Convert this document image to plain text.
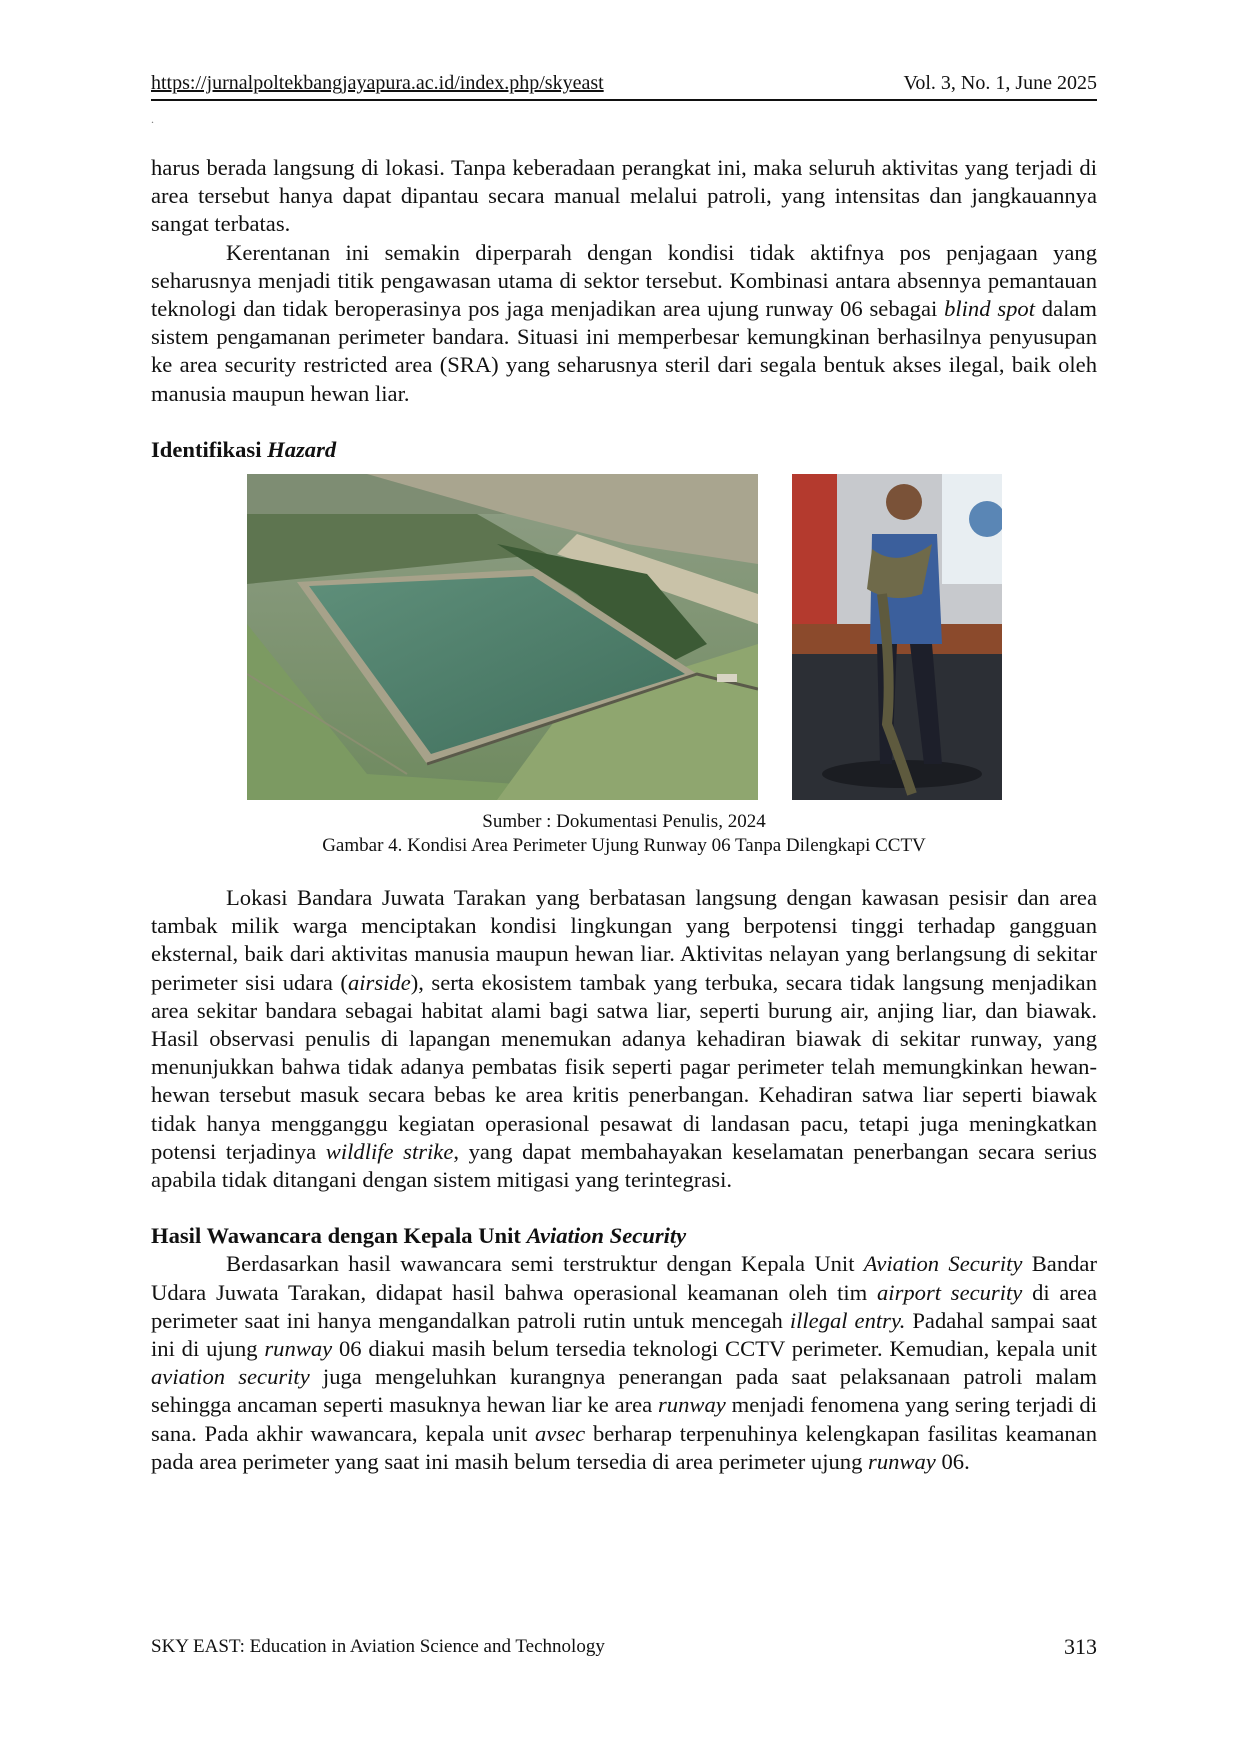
https://jurnalpoltekbangjayapura.ac.id/index.php/skyeast	Vol. 3, No. 1, June 2025
.

harus berada langsung di lokasi. Tanpa keberadaan perangkat ini, maka seluruh aktivitas yang terjadi di area tersebut hanya dapat dipantau secara manual melalui patroli, yang intensitas dan jangkauannya sangat terbatas.

Kerentanan ini semakin diperparah dengan kondisi tidak aktifnya pos penjagaan yang seharusnya menjadi titik pengawasan utama di sektor tersebut. Kombinasi antara absennya pemantauan teknologi dan tidak beroperasinya pos jaga menjadikan area ujung runway 06 sebagai blind spot dalam sistem pengamanan perimeter bandara. Situasi ini memperbesar kemungkinan berhasilnya penyusupan ke area security restricted area (SRA) yang seharusnya steril dari segala bentuk akses ilegal, baik oleh manusia maupun hewan liar.

Identifikasi Hazard

Sumber : Dokumentasi Penulis, 2024
Gambar 4. Kondisi Area Perimeter Ujung Runway 06 Tanpa Dilengkapi CCTV

Lokasi Bandara Juwata Tarakan yang berbatasan langsung dengan kawasan pesisir dan area tambak milik warga menciptakan kondisi lingkungan yang berpotensi tinggi terhadap gangguan eksternal, baik dari aktivitas manusia maupun hewan liar. Aktivitas nelayan yang berlangsung di sekitar perimeter sisi udara (airside), serta ekosistem tambak yang terbuka, secara tidak langsung menjadikan area sekitar bandara sebagai habitat alami bagi satwa liar, seperti burung air, anjing liar, dan biawak. Hasil observasi penulis di lapangan menemukan adanya kehadiran biawak di sekitar runway, yang menunjukkan bahwa tidak adanya pembatas fisik seperti pagar perimeter telah memungkinkan hewan-hewan tersebut masuk secara bebas ke area kritis penerbangan. Kehadiran satwa liar seperti biawak tidak hanya mengganggu kegiatan operasional pesawat di landasan pacu, tetapi juga meningkatkan potensi terjadinya wildlife strike, yang dapat membahayakan keselamatan penerbangan secara serius apabila tidak ditangani dengan sistem mitigasi yang terintegrasi.

Hasil Wawancara dengan Kepala Unit Aviation Security

Berdasarkan hasil wawancara semi terstruktur dengan Kepala Unit Aviation Security Bandar Udara Juwata Tarakan, didapat hasil bahwa operasional keamanan oleh tim airport security di area perimeter saat ini hanya mengandalkan patroli rutin untuk mencegah illegal entry. Padahal sampai saat ini di ujung runway 06 diakui masih belum tersedia teknologi CCTV perimeter. Kemudian, kepala unit aviation security juga mengeluhkan kurangnya penerangan pada saat pelaksanaan patroli malam sehingga ancaman seperti masuknya hewan liar ke area runway menjadi fenomena yang sering terjadi di sana. Pada akhir wawancara, kepala unit avsec berharap terpenuhinya kelengkapan fasilitas keamanan pada area perimeter yang saat ini masih belum tersedia di area perimeter ujung runway 06.

SKY EAST: Education in Aviation Science and Technology	313
